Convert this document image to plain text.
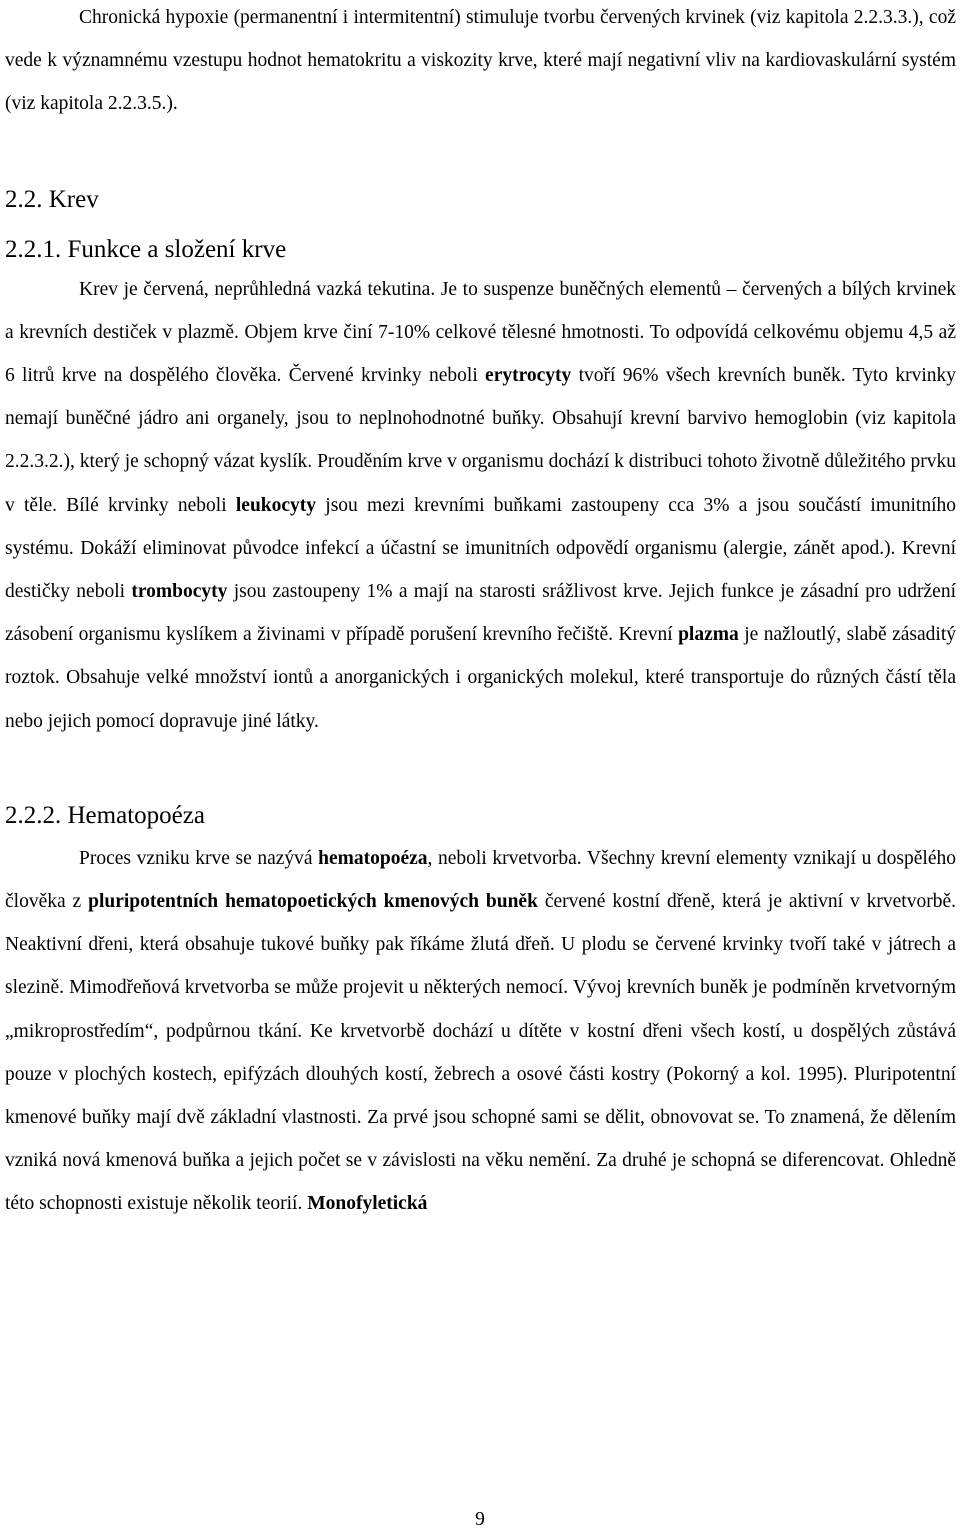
Chronická hypoxie (permanentní i intermitentní) stimuluje tvorbu červených krvinek (viz kapitola 2.2.3.3.), což vede k významnému vzestupu hodnot hematokritu a viskozity krve, které mají negativní vliv na kardiovaskulární systém (viz kapitola 2.2.3.5.).

2.2. Krev
2.2.1. Funkce a složení krve

Krev je červená, neprůhledná vazká tekutina. Je to suspenze buněčných elementů – červených a bílých krvinek a krevních destiček v plazmě. Objem krve činí 7-10% celkové tělesné hmotnosti. To odpovídá celkovému objemu 4,5 až 6 litrů krve na dospělého člověka. Červené krvinky neboli erytrocyty tvoří 96% všech krevních buněk. Tyto krvinky nemají buněčné jádro ani organely, jsou to neplnohodnotné buňky. Obsahují krevní barvivo hemoglobin (viz kapitola 2.2.3.2.), který je schopný vázat kyslík. Prouděním krve v organismu dochází k distribuci tohoto životně důležitého prvku v těle. Bílé krvinky neboli leukocyty jsou mezi krevními buňkami zastoupeny cca 3% a jsou součástí imunitního systému. Dokáží eliminovat původce infekcí a účastní se imunitních odpovědí organismu (alergie, zánět apod.). Krevní destičky neboli trombocyty jsou zastoupeny 1% a mají na starosti srážlivost krve. Jejich funkce je zásadní pro udržení zásobení organismu kyslíkem a živinami v případě porušení krevního řečiště. Krevní plazma je nažloutlý, slabě zásaditý roztok. Obsahuje velké množství iontů a anorganických i organických molekul, které transportuje do různých částí těla nebo jejich pomocí dopravuje jiné látky.

2.2.2. Hematopoéza

Proces vzniku krve se nazývá hematopoéza, neboli krvetvorba. Všechny krevní elementy vznikají u dospělého člověka z pluripotentních hematopoetických kmenových buněk červené kostní dřeně, která je aktivní v krvetvorbě. Neaktivní dřeni, která obsahuje tukové buňky pak říkáme žlutá dřeň. U plodu se červené krvinky tvoří také v játrech a slezině. Mimodřeňová krvetvorba se může projevit u některých nemocí. Vývoj krevních buněk je podmíněn krvetvorným „mikroprostředím“, podpůrnou tkání. Ke krvetvorbě dochází u dítěte v kostní dřeni všech kostí, u dospělých zůstává pouze v plochých kostech, epifýzách dlouhých kostí, žebrech a osové části kostry (Pokorný a kol. 1995). Pluripotentní kmenové buňky mají dvě základní vlastnosti. Za prvé jsou schopné sami se dělit, obnovovat se. To znamená, že dělením vzniká nová kmenová buňka a jejich počet se v závislosti na věku nemění. Za druhé je schopná se diferencovat. Ohledně této schopnosti existuje několik teorií. Monofyletická

9
